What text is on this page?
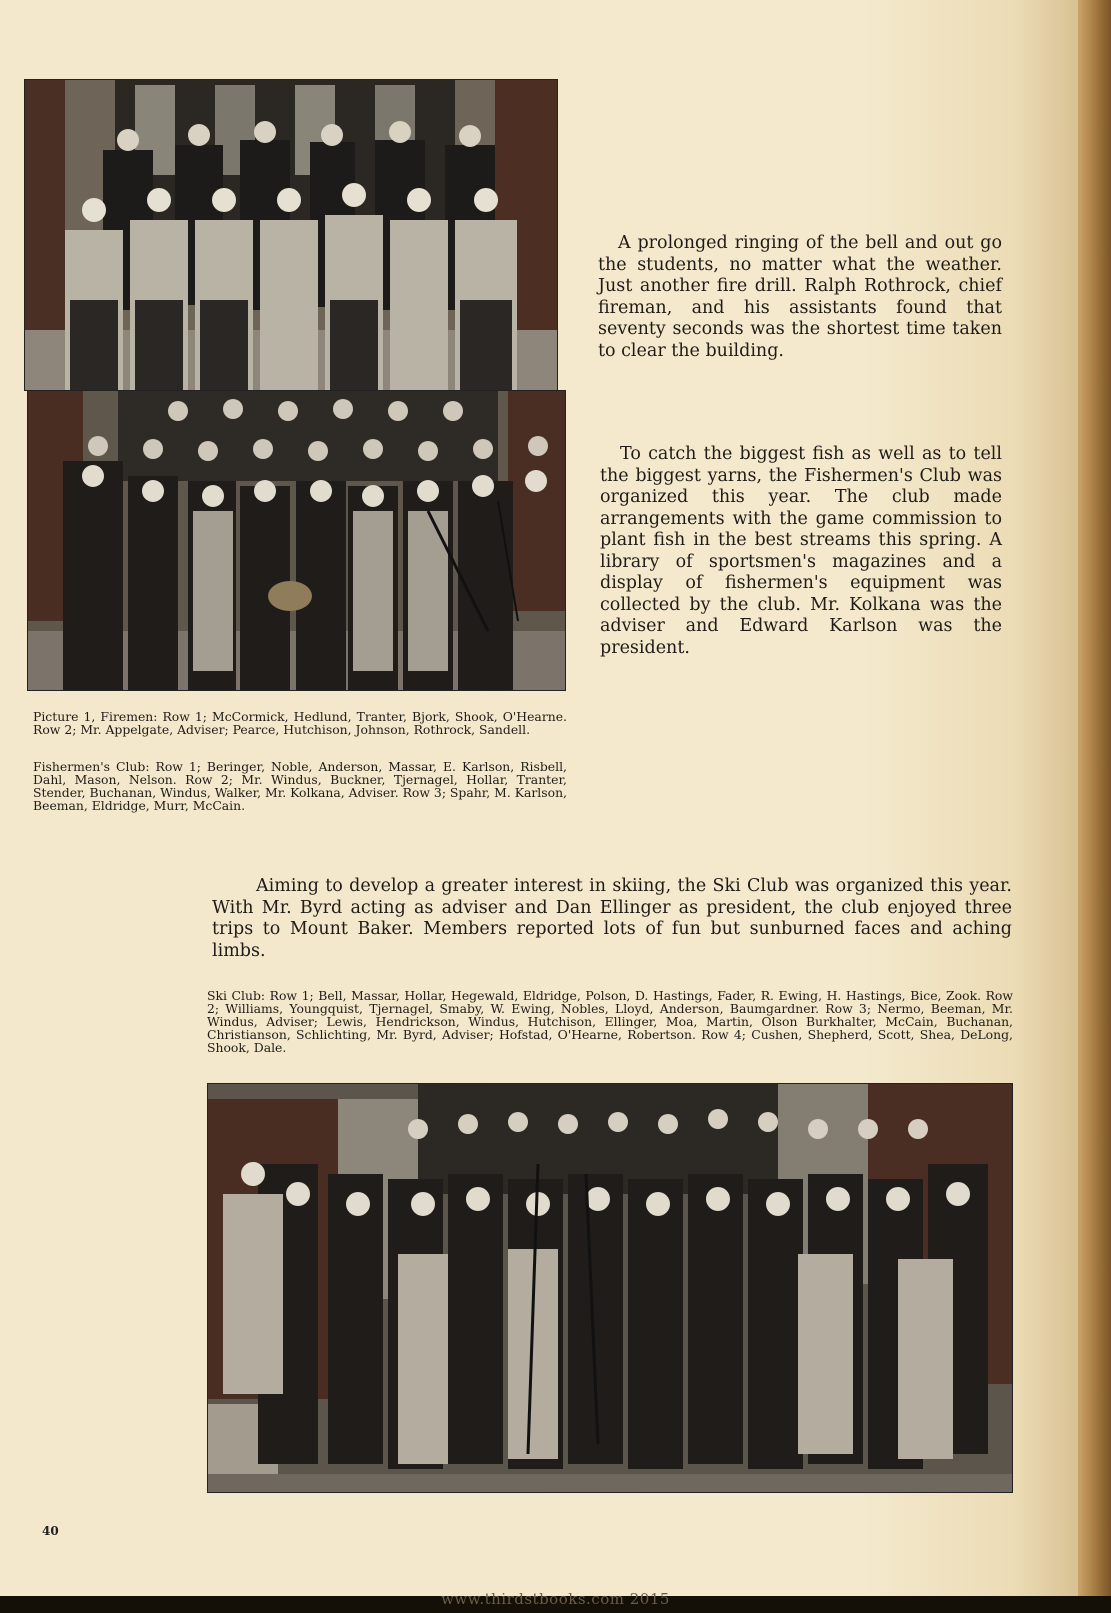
A prolonged ringing of the bell and out go the students, no matter what the weather. Just another fire drill. Ralph Rothrock, chief fireman, and his assistants found that seventy seconds was the shortest time taken to clear the building.

To catch the biggest fish as well as to tell the biggest yarns, the Fishermen's Club was organized this year. The club made arrangements with the game commission to plant fish in the best streams this spring. A library of sportsmen's magazines and a display of fishermen's equipment was collected by the club. Mr. Kolkana was the adviser and Edward Karlson was the president.

Picture 1, Firemen: Row 1; McCormick, Hedlund, Tranter, Bjork, Shook, O'Hearne. Row 2; Mr. Appelgate, Adviser; Pearce, Hutchison, Johnson, Rothrock, Sandell.

Fishermen's Club: Row 1; Beringer, Noble, Anderson, Massar, E. Karlson, Risbell, Dahl, Mason, Nelson. Row 2; Mr. Windus, Buckner, Tjernagel, Hollar, Tranter, Stender, Buchanan, Windus, Walker, Mr. Kolkana, Adviser. Row 3; Spahr, M. Karlson, Beeman, Eldridge, Murr, McCain.

Aiming to develop a greater interest in skiing, the Ski Club was organized this year. With Mr. Byrd acting as adviser and Dan Ellinger as president, the club enjoyed three trips to Mount Baker. Members reported lots of fun but sunburned faces and aching limbs.

Ski Club: Row 1; Bell, Massar, Hollar, Hegewald, Eldridge, Polson, D. Hastings, Fader, R. Ewing, H. Hastings, Bice, Zook. Row 2; Williams, Youngquist, Tjernagel, Smaby, W. Ewing, Nobles, Lloyd, Anderson, Baumgardner. Row 3; Nermo, Beeman, Mr. Windus, Adviser; Lewis, Hendrickson, Windus, Hutchison, Ellinger, Moa, Martin, Olson Burkhalter, McCain, Buchanan, Christianson, Schlichting, Mr. Byrd, Adviser; Hofstad, O'Hearne, Robertson. Row 4; Cushen, Shepherd, Scott, Shea, DeLong, Shook, Dale.

40
www.thirdstbooks.com 2015
